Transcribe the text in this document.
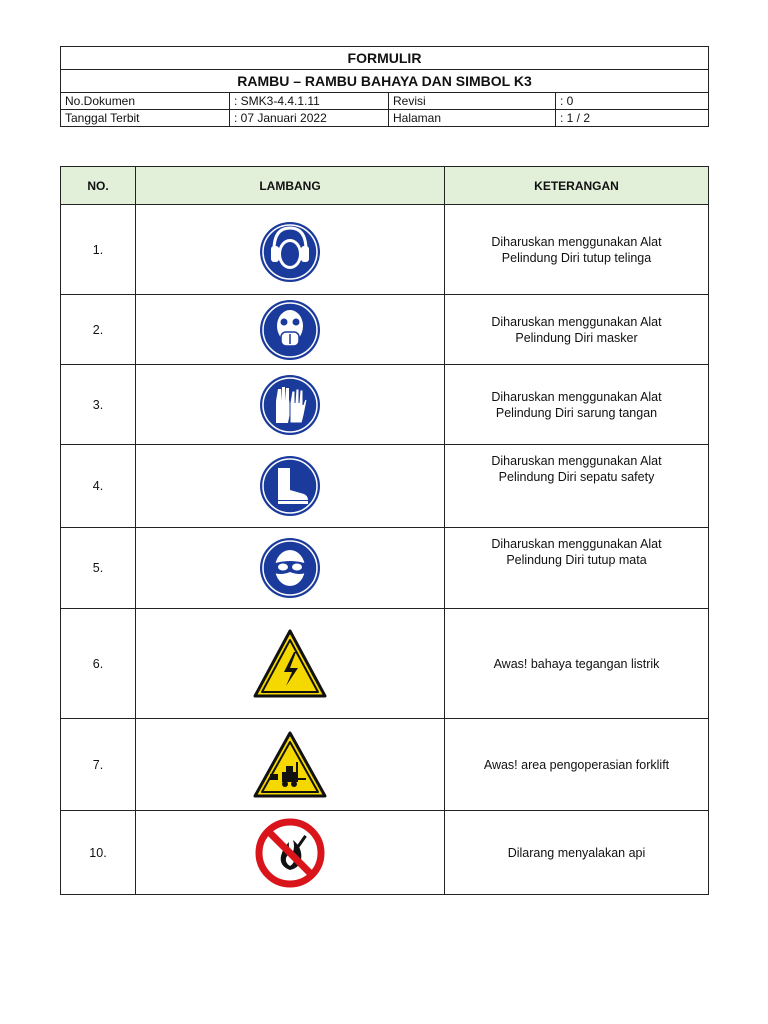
FORMULIR			
RAMBU – RAMBU BAHAYA DAN SIMBOL K3			
No.Dokumen	: SMK3-4.4.1.11	Revisi	: 0
Tanggal Terbit	: 07 Januari 2022	Halaman	: 1 / 2
NO.	LAMBANG	KETERANGAN
1.		Diharuskan menggunakan Alat
Pelindung Diri tutup telinga

2.		Diharuskan menggunakan Alat
Pelindung Diri masker

3.		Diharuskan menggunakan Alat
Pelindung Diri sarung tangan

4.		Diharuskan menggunakan Alat
Pelindung Diri sepatu safety

5.		Diharuskan menggunakan Alat
Pelindung Diri tutup mata

6.		Awas! bahaya tegangan listrik

7.		Awas! area pengoperasian forklift

10.		Dilarang menyalakan api
